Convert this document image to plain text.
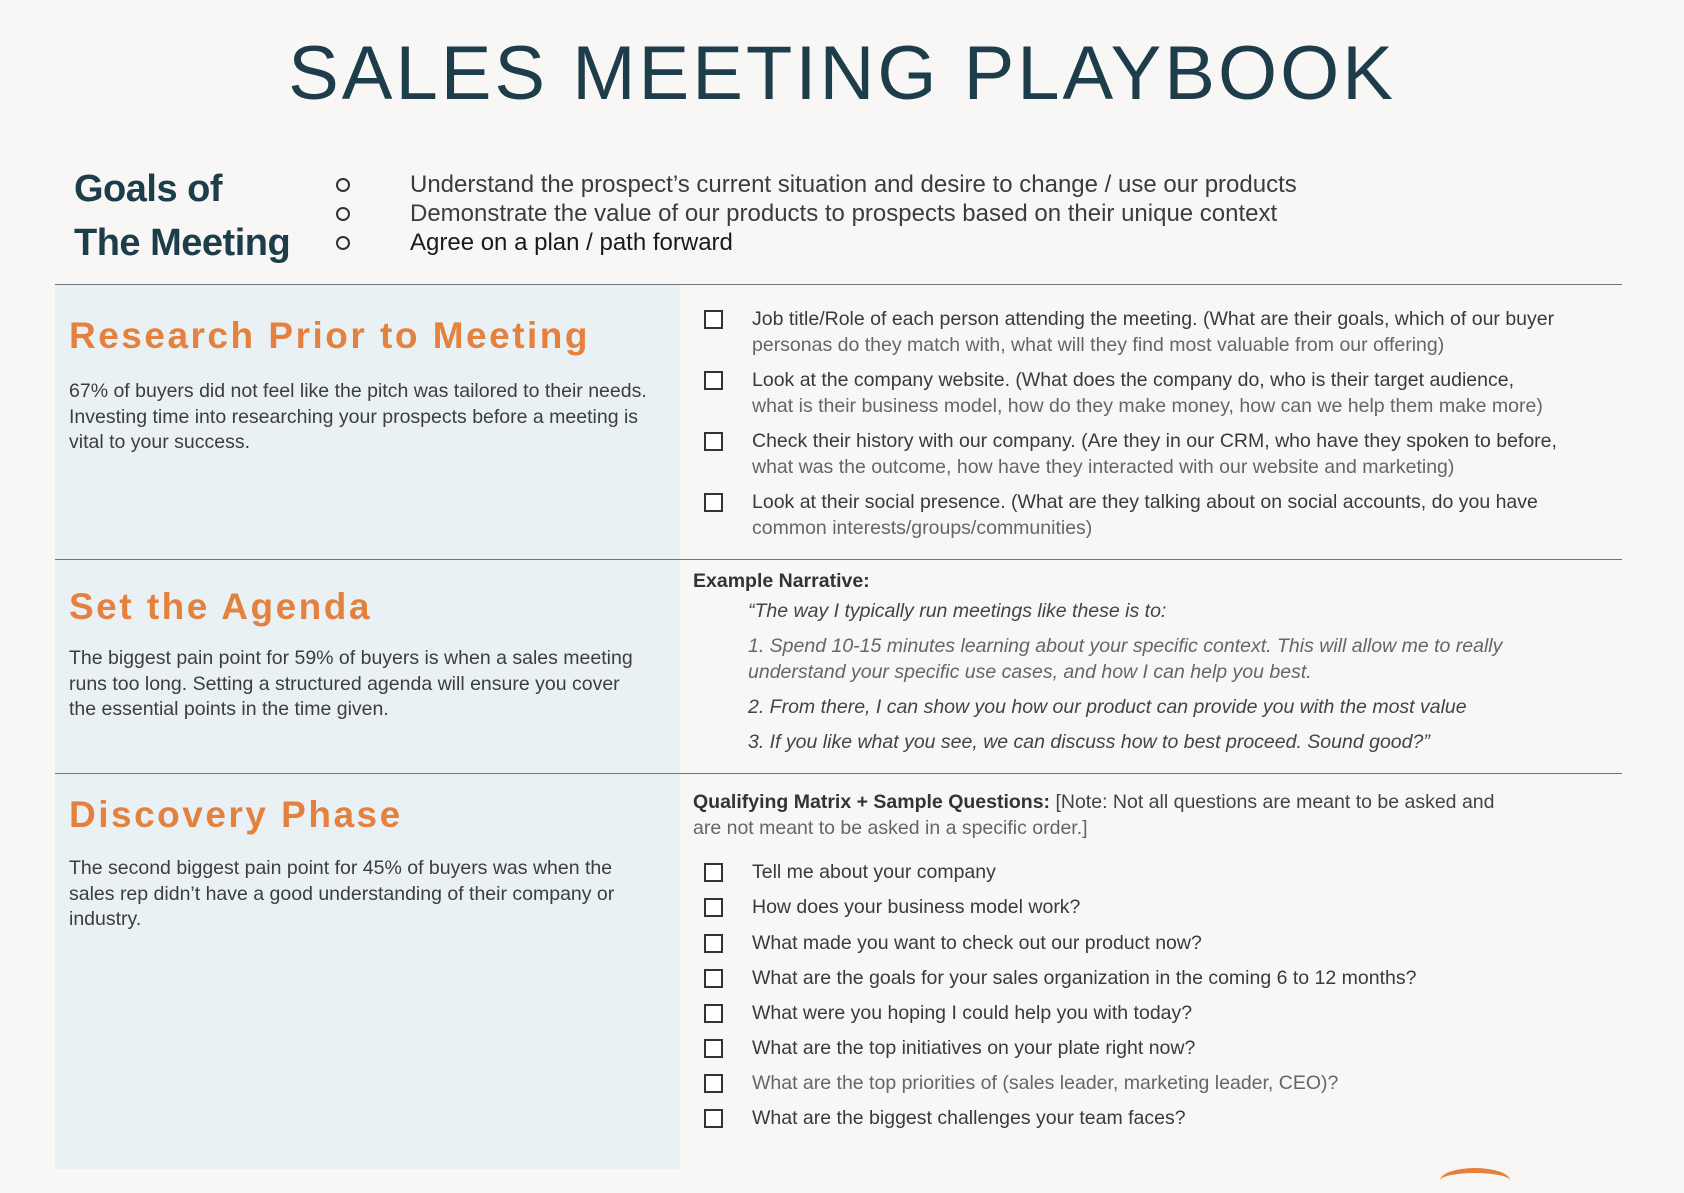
SALES MEETING PLAYBOOK
Goals of
The Meeting
Understand the prospect’s current situation and desire to change / use our products
Demonstrate the value of our products to prospects based on their unique context
Agree on a plan / path forward
Research Prior to Meeting

67% of buyers did not feel like the pitch was tailored to their needs. Investing time into researching your prospects before a meeting is vital to your success.

Job title/Role of each person attending the meeting. (What are their goals, which of our buyer
personas do they match with, what will they find most valuable from our offering)
Look at the company website. (What does the company do, who is their target audience,
what is their business model, how do they make money, how can we help them make more)
Check their history with our company. (Are they in our CRM, who have they spoken to before,
what was the outcome, how have they interacted with our website and marketing)
Look at their social presence. (What are they talking about on social accounts, do you have
common interests/groups/communities)
Set the Agenda

The biggest pain point for 59% of buyers is when a sales meeting runs too long. Setting a structured agenda will ensure you cover the essential points in the time given.

Example Narrative:
“The way I typically run meetings like these is to:
1. Spend 10-15 minutes learning about your specific context. This will allow me to really
understand your specific use cases, and how I can help you best.
2. From there, I can show you how our product can provide you with the most value
3. If you like what you see, we can discuss how to best proceed. Sound good?”
Discovery Phase

The second biggest pain point for 45% of buyers was when the sales rep didn’t have a good understanding of their company or industry.

Qualifying Matrix + Sample Questions: [Note: Not all questions are meant to be asked and
are not meant to be asked in a specific order.]
Tell me about your company
How does your business model work?
What made you want to check out our product now?
What are the goals for your sales organization in the coming 6 to 12 months?
What were you hoping I could help you with today?
What are the top initiatives on your plate right now?
What are the top priorities of (sales leader, marketing leader, CEO)?
What are the biggest challenges your team faces?
